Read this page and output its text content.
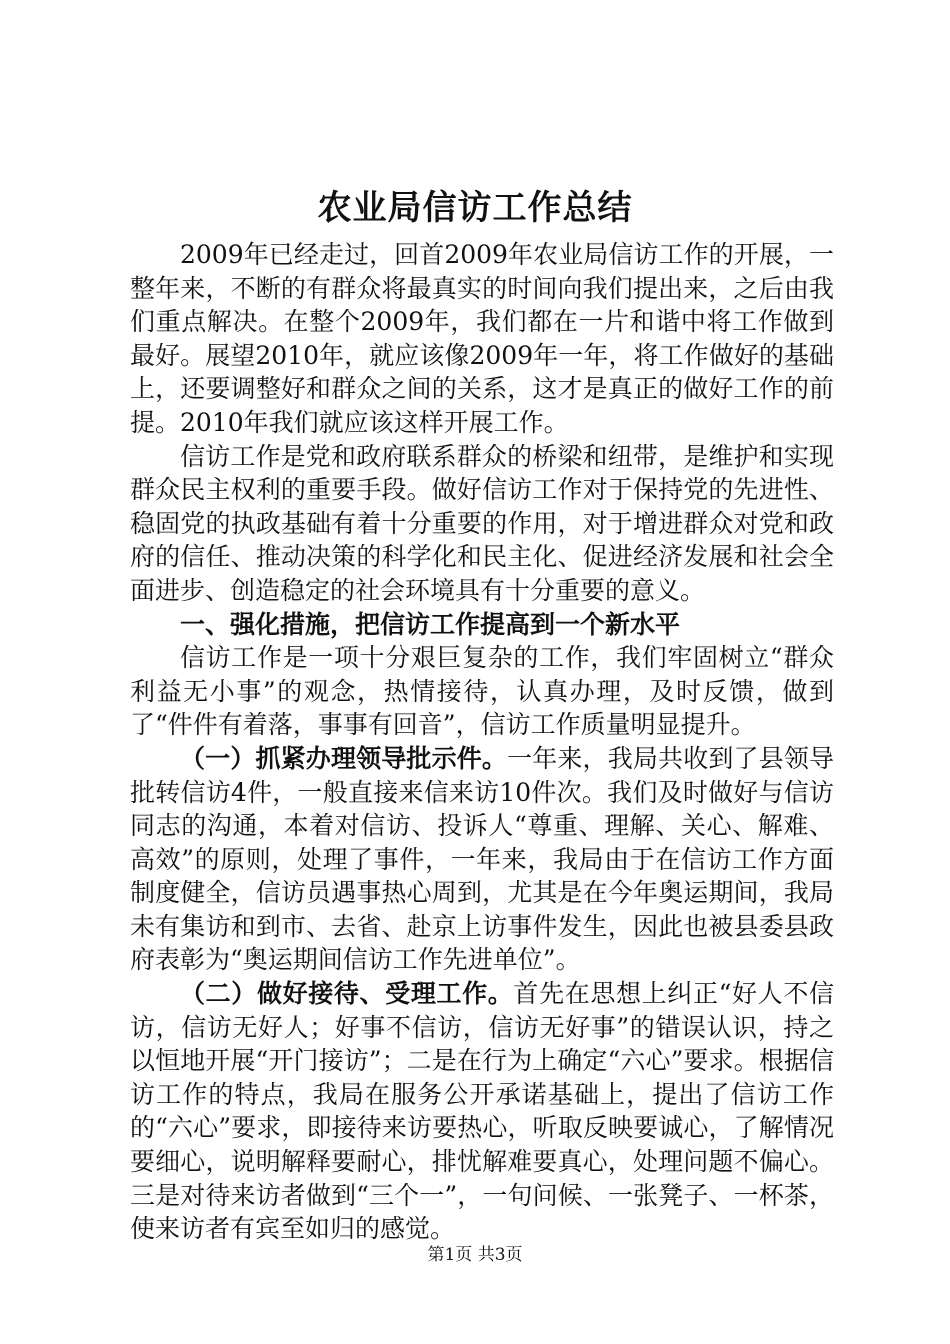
农业局信访工作总结

2009年已经走过，回首2009年农业局信访工作的开展，一整年来，不断的有群众将最真实的时间向我们提出来，之后由我们重点解决。在整个2009年，我们都在一片和谐中将工作做到最好。展望2010年，就应该像2009年一年，将工作做好的基础上，还要调整好和群众之间的关系，这才是真正的做好工作的前提。2010年我们就应该这样开展工作。

信访工作是党和政府联系群众的桥梁和纽带，是维护和实现群众民主权利的重要手段。做好信访工作对于保持党的先进性、稳固党的执政基础有着十分重要的作用，对于增进群众对党和政府的信任、推动决策的科学化和民主化、促进经济发展和社会全面进步、创造稳定的社会环境具有十分重要的意义。

一、强化措施，把信访工作提高到一个新水平

信访工作是一项十分艰巨复杂的工作，我们牢固树立“群众利益无小事”的观念，热情接待，认真办理，及时反馈，做到了“件件有着落，事事有回音”，信访工作质量明显提升。

（一）抓紧办理领导批示件。一年来，我局共收到了县领导批转信访4件，一般直接来信来访10件次。我们及时做好与信访同志的沟通，本着对信访、投诉人“尊重、理解、关心、解难、高效”的原则，处理了事件，一年来，我局由于在信访工作方面制度健全，信访员遇事热心周到，尤其是在今年奥运期间，我局未有集访和到市、去省、赴京上访事件发生，因此也被县委县政府表彰为“奥运期间信访工作先进单位”。

（二）做好接待、受理工作。首先在思想上纠正“好人不信访，信访无好人；好事不信访，信访无好事”的错误认识，持之以恒地开展“开门接访”；二是在行为上确定“六心”要求。根据信访工作的特点，我局在服务公开承诺基础上，提出了信访工作的“六心”要求，即接待来访要热心，听取反映要诚心，了解情况要细心，说明解释要耐心，排忧解难要真心，处理问题不偏心。三是对待来访者做到“三个一”，一句问候、一张凳子、一杯茶，使来访者有宾至如归的感觉。

第1页 共3页
